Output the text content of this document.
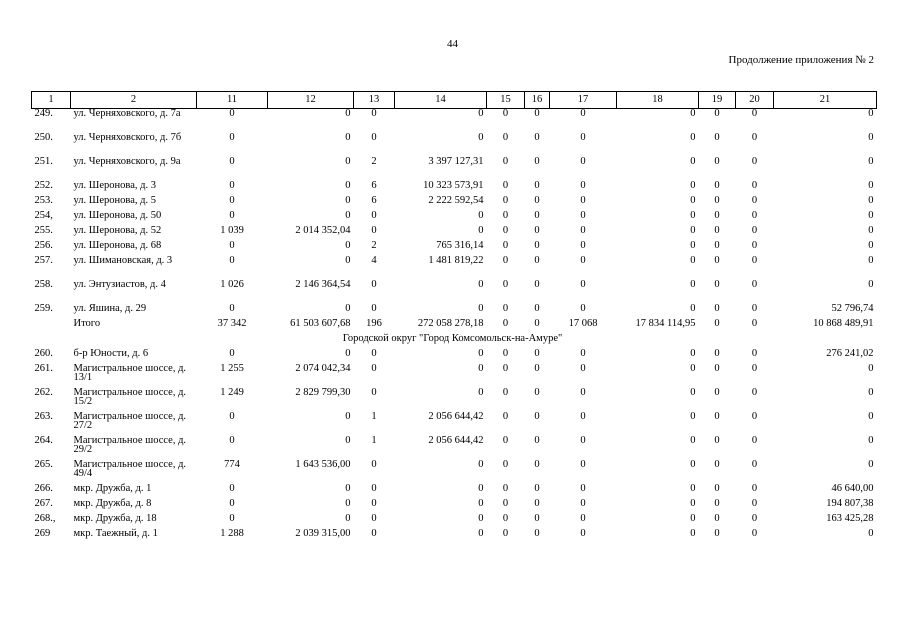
44
Продолжение приложения № 2
1	2	11	12	13	14	15	16	17	18	19	20	21
249.	ул. Черняховского, д. 7а	0	0	0	0	0	0	0	0	0	0	0
250.	ул. Черняховского, д. 7б	0	0	0	0	0	0	0	0	0	0	0
251.	ул. Черняховского, д. 9а	0	0	2	3 397 127,31	0	0	0	0	0	0	0
252.	ул. Шеронова, д. 3	0	0	6	10 323 573,91	0	0	0	0	0	0	0
253.	ул. Шеронова, д. 5	0	0	6	2 222 592,54	0	0	0	0	0	0	0
254,	ул. Шеронова, д. 50	0	0	0	0	0	0	0	0	0	0	0
255.	ул. Шеронова, д. 52	1 039	2 014 352,04	0	0	0	0	0	0	0	0	0
256.	ул. Шеронова, д. 68	0	0	2	765 316,14	0	0	0	0	0	0	0
257.	ул. Шимановская, д. 3	0	0	4	1 481 819,22	0	0	0	0	0	0	0
258.	ул. Энтузиастов, д. 4	1 026	2 146 364,54	0	0	0	0	0	0	0	0	0
259.	ул. Яшина, д. 29	0	0	0	0	0	0	0	0	0	0	52 796,74
	Итого	37 342	61 503 607,68	196	272 058 278,18	0	0	17 068	17 834 114,95	0	0	10 868 489,91
Городской округ "Город Комсомольск-на-Амуре"												
260.	б-р Юности, д. 6	0	0	0	0	0	0	0	0	0	0	276 241,02
261.	Магистральное шоссе, д. 13/1	1 255	2 074 042,34	0	0	0	0	0	0	0	0	0
262.	Магистральное шоссе, д. 15/2	1 249	2 829 799,30	0	0	0	0	0	0	0	0	0
263.	Магистральное шоссе, д. 27/2	0	0	1	2 056 644,42	0	0	0	0	0	0	0
264.	Магистральное шоссе, д. 29/2	0	0	1	2 056 644,42	0	0	0	0	0	0	0
265.	Магистральное шоссе, д. 49/4	774	1 643 536,00	0	0	0	0	0	0	0	0	0
266.	мкр. Дружба, д. 1	0	0	0	0	0	0	0	0	0	0	46 640,00
267.	мкр. Дружба, д. 8	0	0	0	0	0	0	0	0	0	0	194 807,38
268.,	мкр. Дружба, д. 18	0	0	0	0	0	0	0	0	0	0	163 425,28
269	мкр. Таежный, д. 1	1 288	2 039 315,00	0	0	0	0	0	0	0	0	0
